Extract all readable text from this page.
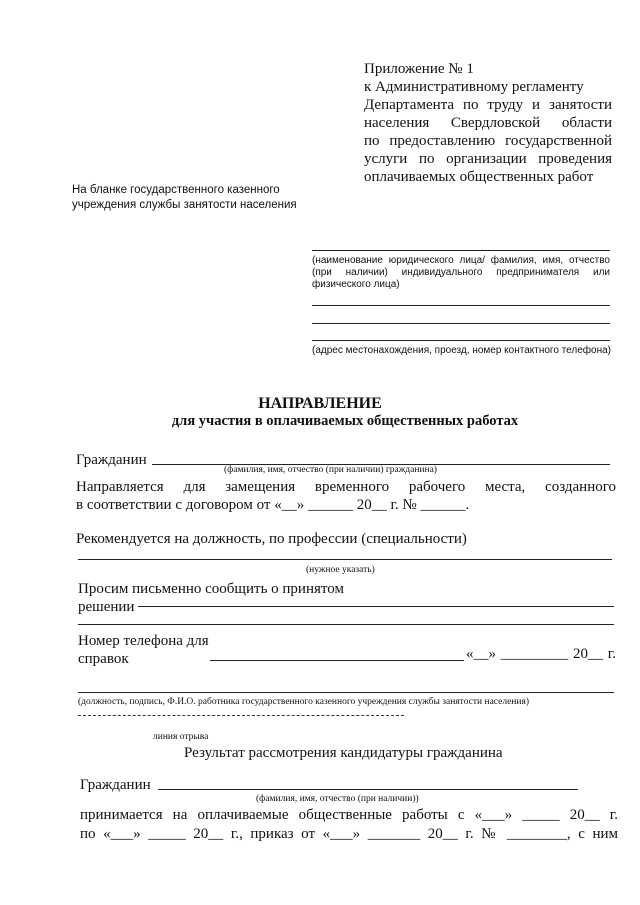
Приложение № 1
к Административному регламенту
Департамента по труду и занятости
населения Свердловской области
по предоставлению государственной
услуги по организации проведения
оплачиваемых общественных работ
На бланке государственного казенного
учреждения службы занятости населения
(наименование юридического лица/ фамилия, имя, отчество
(при наличии) индивидуального предпринимателя или
физического лица)
(адрес местонахождения, проезд, номер контактного телефона)
НАПРАВЛЕНИЕ
для участия в оплачиваемых общественных работах
Гражданин
(фамилия, имя, отчество (при наличии) гражданина)
Направляется для замещения временного рабочего места, созданного
в соответствии с договором от «__» ______ 20__ г. № ______.
Рекомендуется на должность, по профессии (специальности)
(нужное указать)
Просим письменно сообщить о принятом
решении
Номер телефона для
справок	«__» _________ 20__ г.
(должность, подпись, Ф.И.О. работника государственного казенного учреждения службы занятости населения)
линия отрыва
Результат рассмотрения кандидатуры гражданина
Гражданин
(фамилия, имя, отчество (при наличии))
принимается на оплачиваемые общественные работы с «___» _____ 20__ г.
по «___» _____ 20__ г., приказ от «___» _______ 20__ г. № ________, с ним
